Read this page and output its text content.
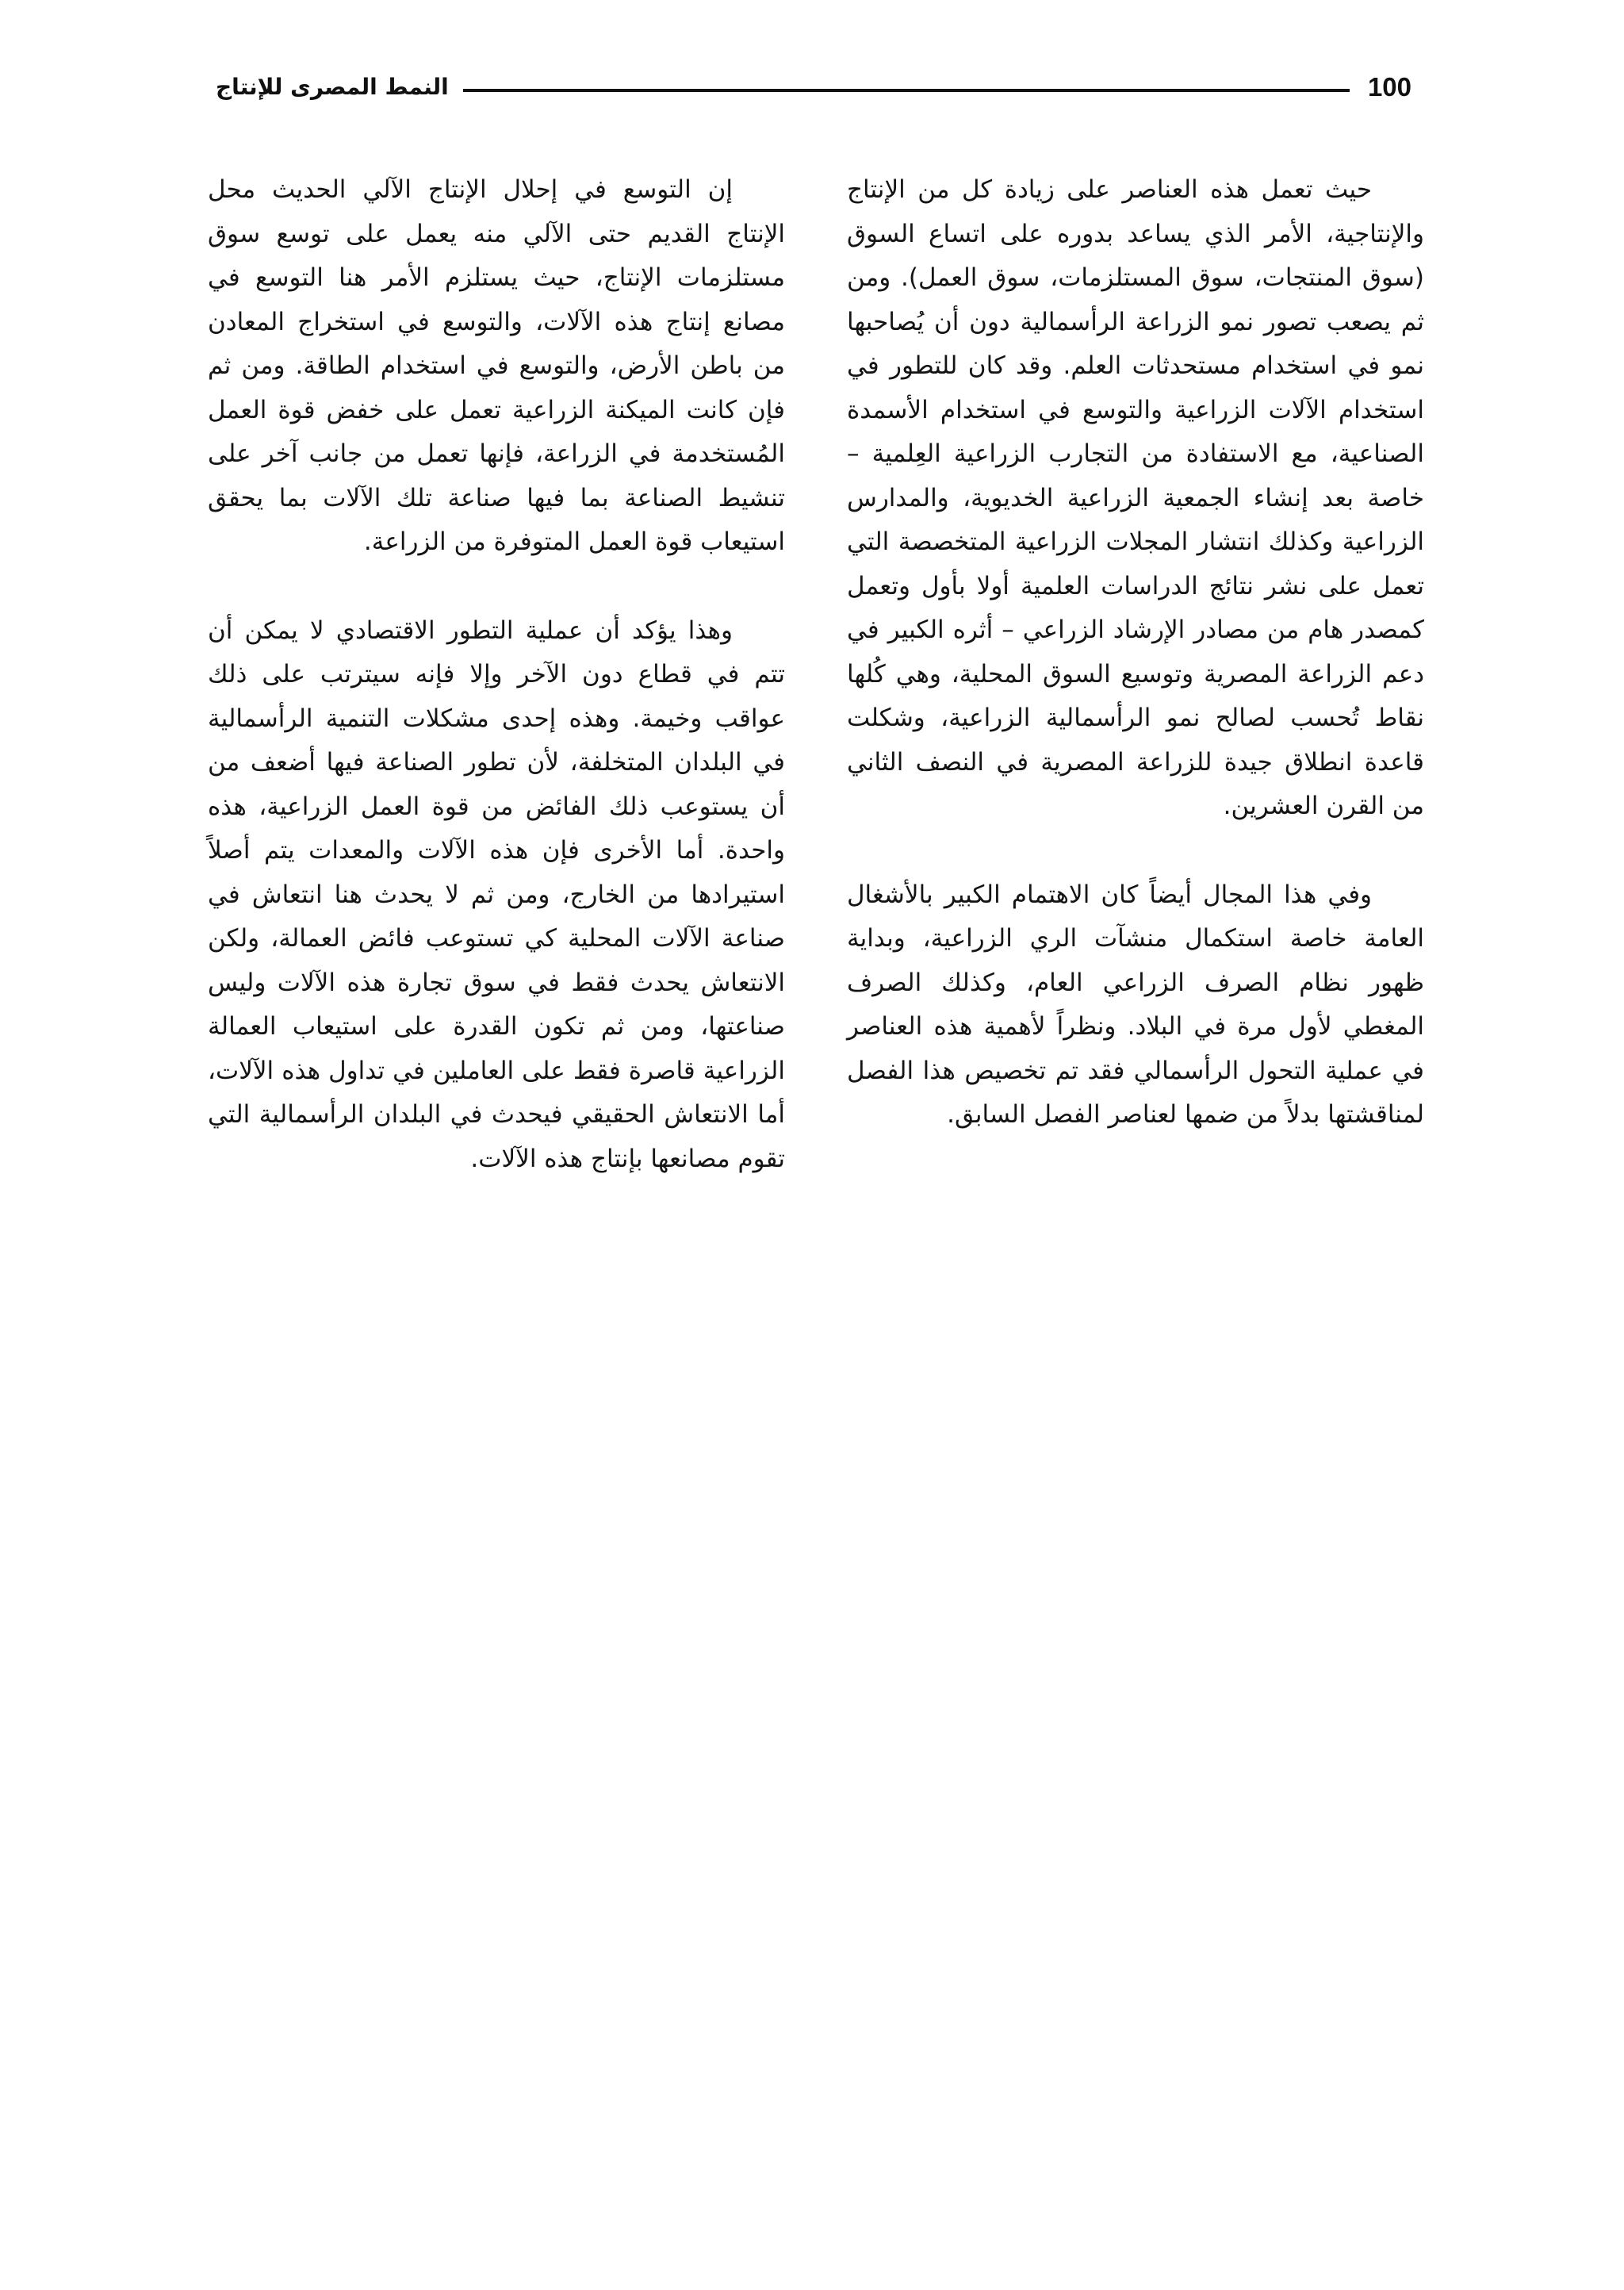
100
النمط المصرى للإنتاج

حيث تعمل هذه العناصر على زيادة كل من الإنتاج والإنتاجية، الأمر الذي يساعد بدوره على اتساع السوق (سوق المنتجات، سوق المستلزمات، سوق العمل). ومن ثم يصعب تصور نمو الزراعة الرأسمالية دون أن يُصاحبها نمو في استخدام مستحدثات العلم. وقد كان للتطور في استخدام الآلات الزراعية والتوسع في استخدام الأسمدة الصناعية، مع الاستفادة من التجارب الزراعية العِلمية – خاصة بعد إنشاء الجمعية الزراعية الخديوية، والمدارس الزراعية وكذلك انتشار المجلات الزراعية المتخصصة التي تعمل على نشر نتائج الدراسات العلمية أولا بأول وتعمل كمصدر هام من مصادر الإرشاد الزراعي – أثره الكبير في دعم الزراعة المصرية وتوسيع السوق المحلية، وهي كُلها نقاط تُحسب لصالح نمو الرأسمالية الزراعية، وشكلت قاعدة انطلاق جيدة للزراعة المصرية في النصف الثاني من القرن العشرين.

وفي هذا المجال أيضاً كان الاهتمام الكبير بالأشغال العامة خاصة استكمال منشآت الري الزراعية، وبداية ظهور نظام الصرف الزراعي العام، وكذلك الصرف المغطي لأول مرة في البلاد. ونظراً لأهمية هذه العناصر في عملية التحول الرأسمالي فقد تم تخصيص هذا الفصل لمناقشتها بدلاً من ضمها لعناصر الفصل السابق.

إن التوسع في إحلال الإنتاج الآلي الحديث محل الإنتاج القديم حتى الآلي منه يعمل على توسع سوق مستلزمات الإنتاج، حيث يستلزم الأمر هنا التوسع في مصانع إنتاج هذه الآلات، والتوسع في استخراج المعادن من باطن الأرض، والتوسع في استخدام الطاقة. ومن ثم فإن كانت الميكنة الزراعية تعمل على خفض قوة العمل المُستخدمة في الزراعة، فإنها تعمل من جانب آخر على تنشيط الصناعة بما فيها صناعة تلك الآلات بما يحقق استيعاب قوة العمل المتوفرة من الزراعة.

وهذا يؤكد أن عملية التطور الاقتصادي لا يمكن أن تتم في قطاع دون الآخر وإلا فإنه سيترتب على ذلك عواقب وخيمة. وهذه إحدى مشكلات التنمية الرأسمالية في البلدان المتخلفة، لأن تطور الصناعة فيها أضعف من أن يستوعب ذلك الفائض من قوة العمل الزراعية، هذه واحدة. أما الأخرى فإن هذه الآلات والمعدات يتم أصلاً استيرادها من الخارج، ومن ثم لا يحدث هنا انتعاش في صناعة الآلات المحلية كي تستوعب فائض العمالة، ولكن الانتعاش يحدث فقط في سوق تجارة هذه الآلات وليس صناعتها، ومن ثم تكون القدرة على استيعاب العمالة الزراعية قاصرة فقط على العاملين في تداول هذه الآلات، أما الانتعاش الحقيقي فيحدث في البلدان الرأسمالية التي تقوم مصانعها بإنتاج هذه الآلات.
